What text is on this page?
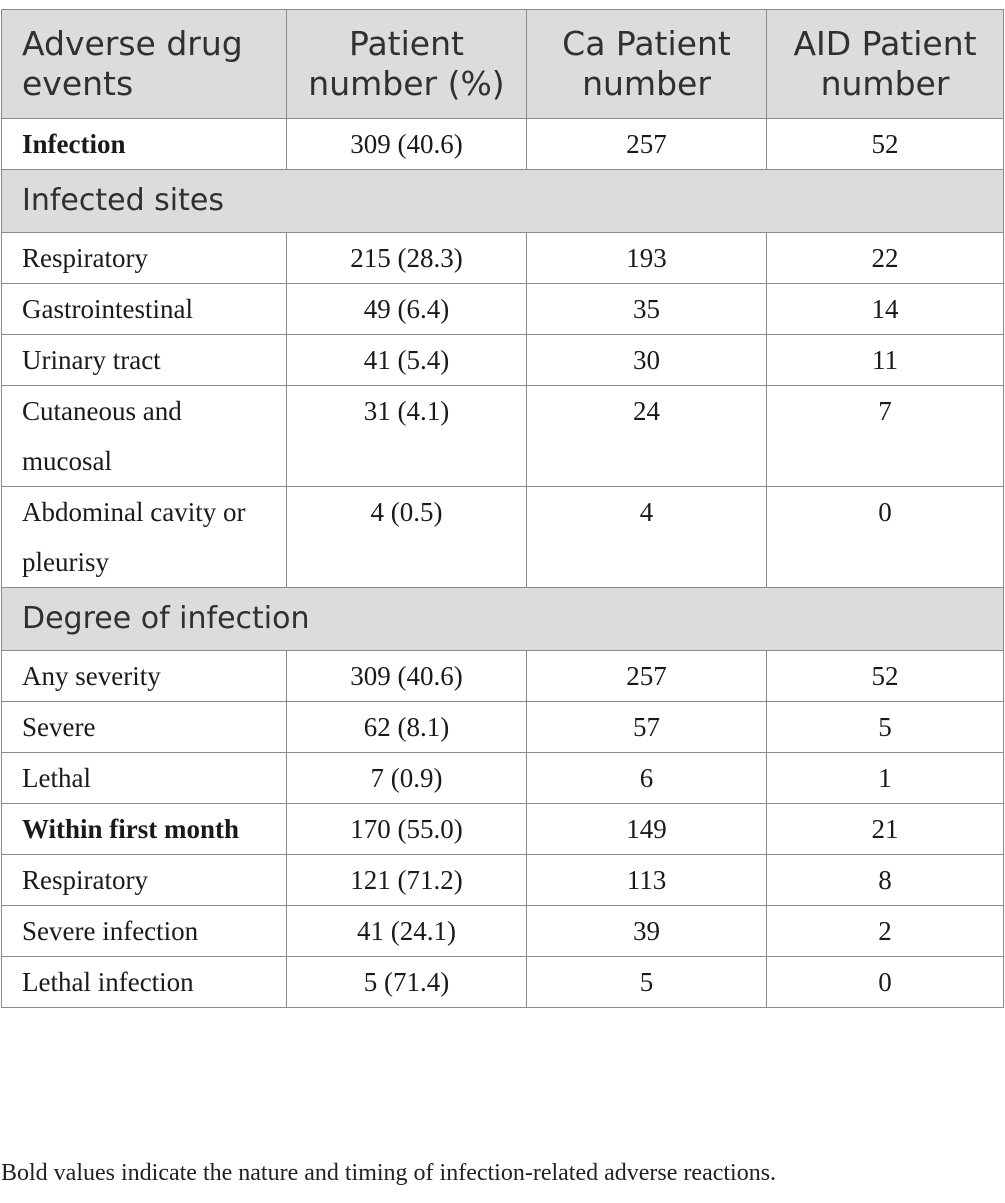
Adverse drug events	Patient number (%)	Ca Patient number	AID Patient number
Infection	309 (40.6)	257	52
Infected sites			
Respiratory	215 (28.3)	193	22
Gastrointestinal	49 (6.4)	35	14
Urinary tract	41 (5.4)	30	11
Cutaneous and mucosal	31 (4.1)	24	7
Abdominal cavity or pleurisy	4 (0.5)	4	0
Degree of infection			
Any severity	309 (40.6)	257	52
Severe	62 (8.1)	57	5
Lethal	7 (0.9)	6	1
Within first month	170 (55.0)	149	21
Respiratory	121 (71.2)	113	8
Severe infection	41 (24.1)	39	2
Lethal infection	5 (71.4)	5	0

Bold values indicate the nature and timing of infection-related adverse reactions.
